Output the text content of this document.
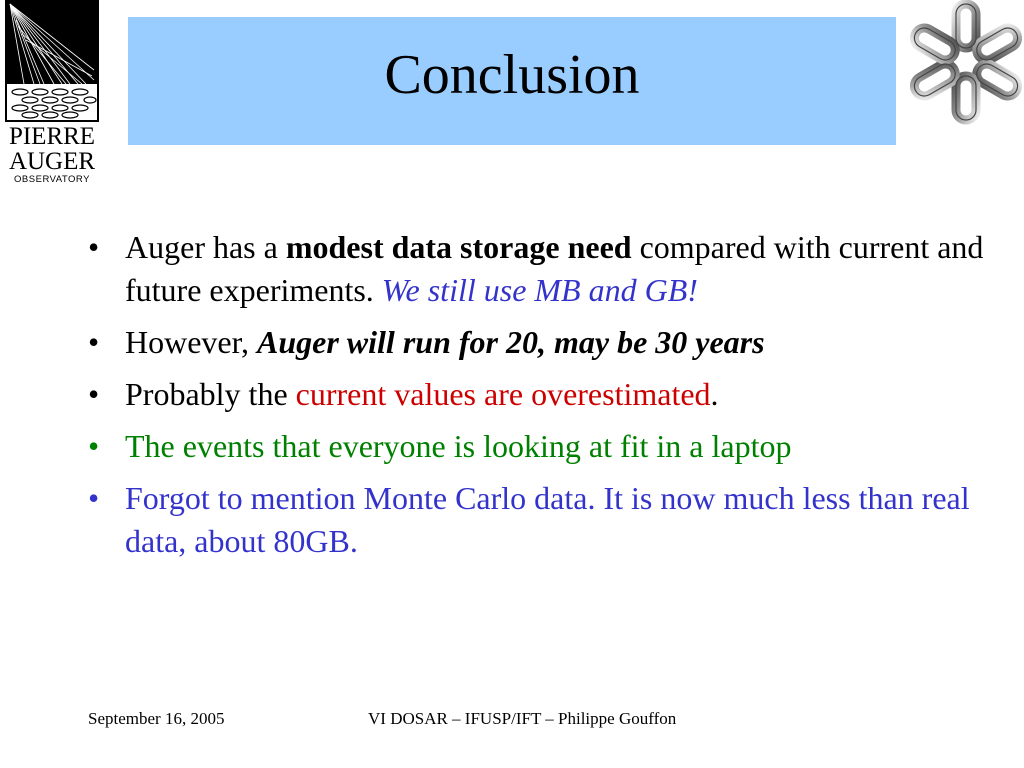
PIERRE
AUGER
OBSERVATORY
Conclusion
• Auger has a modest data storage need compared with current and future experiments. We still use MB and GB!
• However, Auger will run for 20, may be 30 years
• Probably the current values are overestimated.
• The events that everyone is looking at fit in a laptop
• Forgot to mention Monte Carlo data. It is now much less than real data, about 80GB.
September 16, 2005	VI DOSAR – IFUSP/IFT – Philippe Gouffon
